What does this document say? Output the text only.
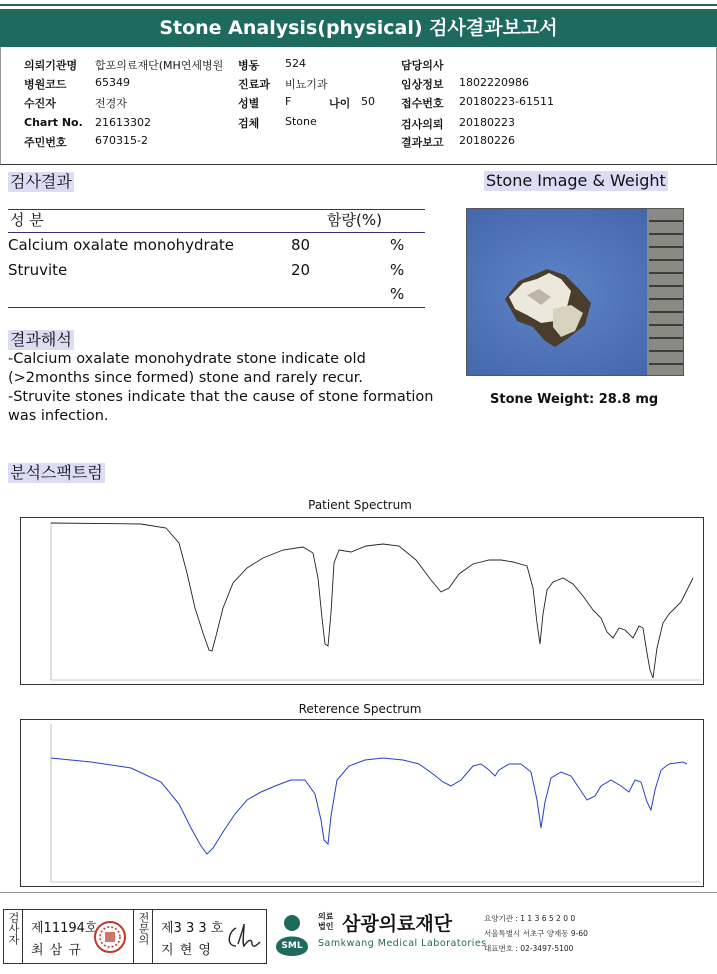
Stone Analysis(physical) 검사결과보고서
의뢰기관명 합포의료재단(MH연세병원 병동 524	담당의사
병원코드	65349	진료과 비뇨기과	임상정보 1802220986
수진자	전경자	성별 F	나이 50 접수번호 20180223-61511
Chart No. 21613302	검체 Stone	검사의뢰 20180223
주민번호	670315-2	결과보고 20180226
검사결과
성 분	함량(%)
Calcium oxalate monohydrate	80	%
Struvite	20	%
%
Stone Image & Weight
Stone Weight: 28.8 mg
결과해석
-Calcium oxalate monohydrate stone indicate old
(>2months since formed) stone and rarely recur.
-Struvite stones indicate that the cause of stone formation
was infection.
분석스팩트럼
Patient Spectrum
Reterence Spectrum
검사자 제11194호
최 삼 규
전문의 제3 3 3 호
지 현 영	SML
의료
법인 삼광의료재단
Samkwang Medical Laboratories
요양기관 : 1 1 3 6 5 2 0 0
서울특별시 서초구 양재동 9-60
대표번호 : 02-3497-5100
